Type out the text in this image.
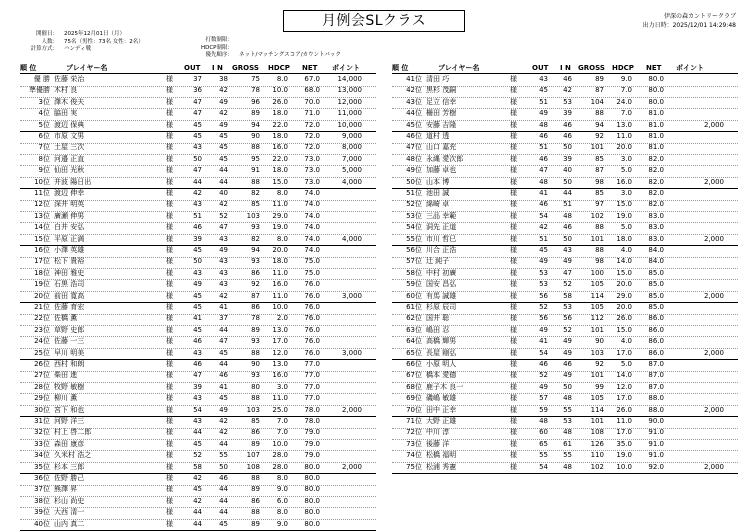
月例会SLクラス	伊深の森カントリークラブ
出力日時：2025/12/01 14:29:48
開催日：	2025年12月01日（月）
人数：	75名（男性：73名 女性：2名）
計算方式：	ハンディ戦
打数制限：
HDCP制限：
優先順序：	ネット/マッチングスコア/カウントバック
順 位	プレイヤー名	OUT I N GROSS HDCP NET ポイント	順 位	プレイヤー名	OUT I N GROSS HDCP NET ポイント
優 勝 佐藤 栄治	様	37	38	75	8.0	67.0	14,000
準優勝 木村 良	様	36	42	78	10.0	68.0	13,000
3位 澤木 俊夫	様	47	49	96	26.0	70.0	12,000
4位 脇田 実	様	47	42	89	18.0	71.0	11,000
5位 渡辺 保典	様	45	49	94	22.0	72.0	10,000
6位 市原 文男	様	45	45	90	18.0	72.0	9,000
7位 土屋 三次	様	43	45	88	16.0	72.0	8,000
8位 河邉 正直	様	50	45	95	22.0	73.0	7,000
9位 仙田 光秋	様	47	44	91	18.0	73.0	5,000
10位 井波 陽日出	様	44	44	88	15.0	73.0	4,000
11位 渡辺 伸幸	様	42	40	82	8.0	74.0
12位 深井 明英	様	43	42	85	11.0	74.0
13位 廣瀬 伸男	様	51	52	103	29.0	74.0
14位 白井 安弘	様	46	47	93	19.0	74.0
15位 平原 正満	様	39	43	82	8.0	74.0	4,000
16位 小澤 英雄	様	45	49	94	20.0	74.0
17位 松下 貴裕	様	50	43	93	18.0	75.0
18位 神田 雅史	様	43	43	86	11.0	75.0
19位 石黒 浩司	様	49	43	92	16.0	76.0
20位 前田 寛高	様	45	42	87	11.0	76.0	3,000
21位 佐藤 育宏	様	45	41	86	10.0	76.0
22位 佐橋 薫	様	41	37	78	2.0	76.0
23位 草野 史郎	様	45	44	89	13.0	76.0
24位 佐藤 一三	様	46	47	93	17.0	76.0
25位 早川 明美	様	43	45	88	12.0	76.0	3,000
26位 西村 和朗	様	46	44	90	13.0	77.0
27位 柴田 進	様	47	46	93	16.0	77.0
28位 牧野 敏樹	様	39	41	80	3.0	77.0
29位 柳川 薫	様	43	45	88	11.0	77.0
30位 宮下 和也	様	54	49	103	25.0	78.0	2,000
31位 河野 洋三	様	43	42	85	7.0	78.0
32位 村上 啓二郎	様	44	42	86	7.0	79.0
33位 森田 康彦	様	45	44	89	10.0	79.0
34位 久米村 浩之	様	52	55	107	28.0	79.0
35位 杉本 三郎	様	58	50	108	28.0	80.0	2,000
36位 佐野 勝己	様	42	46	88	8.0	80.0
37位 熊澤 昇	様	45	44	89	9.0	80.0
38位 杉山 尚史	様	42	44	86	6.0	80.0
39位 大西 清一	様	44	44	88	8.0	80.0
40位 山内 真二	様	44	45	89	9.0	80.0
41位 清田 巧	様	43	46	89	9.0	80.0
42位 黒杉 茂嗣	様	45	42	87	7.0	80.0
43位 足立 信幸	様	51	53	104	24.0	80.0
44位 柵田 芳樹	様	49	39	88	7.0	81.0
45位 安藤 吉隆	様	48	46	94	13.0	81.0	2,000
46位 道村 透	様	46	46	92	11.0	81.0
47位 山口 嘉充	様	51	50	101	20.0	81.0
48位 永縄 愛次郎	様	46	39	85	3.0	82.0
49位 加藤 卓也	様	47	40	87	5.0	82.0
50位 山本 博	様	48	50	98	16.0	82.0	2,000
51位 池田 誠	様	41	44	85	3.0	82.0
52位 綿崎 卓	様	46	51	97	15.0	82.0
53位 三品 幸範	様	54	48	102	19.0	83.0
54位 洞先 正道	様	42	46	88	5.0	83.0
55位 市川 哲巳	様	51	50	101	18.0	83.0	2,000
56位 川合 正浩	様	45	43	88	4.0	84.0
57位 辻 純子	様	49	49	98	14.0	84.0
58位 中村 初廣	様	53	47	100	15.0	85.0
59位 国安 昌弘	様	53	52	105	20.0	85.0
60位 有馬 誠雄	様	56	58	114	29.0	85.0	2,000
61位 杉原 辰司	様	52	53	105	20.0	85.0
62位 国井 聡	様	56	56	112	26.0	86.0
63位 嶋田 忍	様	49	52	101	15.0	86.0
64位 高橋 輝男	様	41	49	90	4.0	86.0
65位 長屋 剛弘	様	54	49	103	17.0	86.0	2,000
66位 小原 明人	様	46	46	92	5.0	87.0
67位 橋本 愛德	様	52	49	101	14.0	87.0
68位 鹿子木 良一	様	49	50	99	12.0	87.0
69位 磯嶋 敏雄	様	57	48	105	17.0	88.0
70位 田中 正幸	様	59	55	114	26.0	88.0	2,000
71位 大野 正雄	様	48	53	101	11.0	90.0
72位 中川 淳	様	60	48	108	17.0	91.0
73位 後藤 洋	様	65	61	126	35.0	91.0
74位 松橋 福明	様	55	55	110	19.0	91.0
75位 松浦 秀憲	様	54	48	102	10.0	92.0	2,000
